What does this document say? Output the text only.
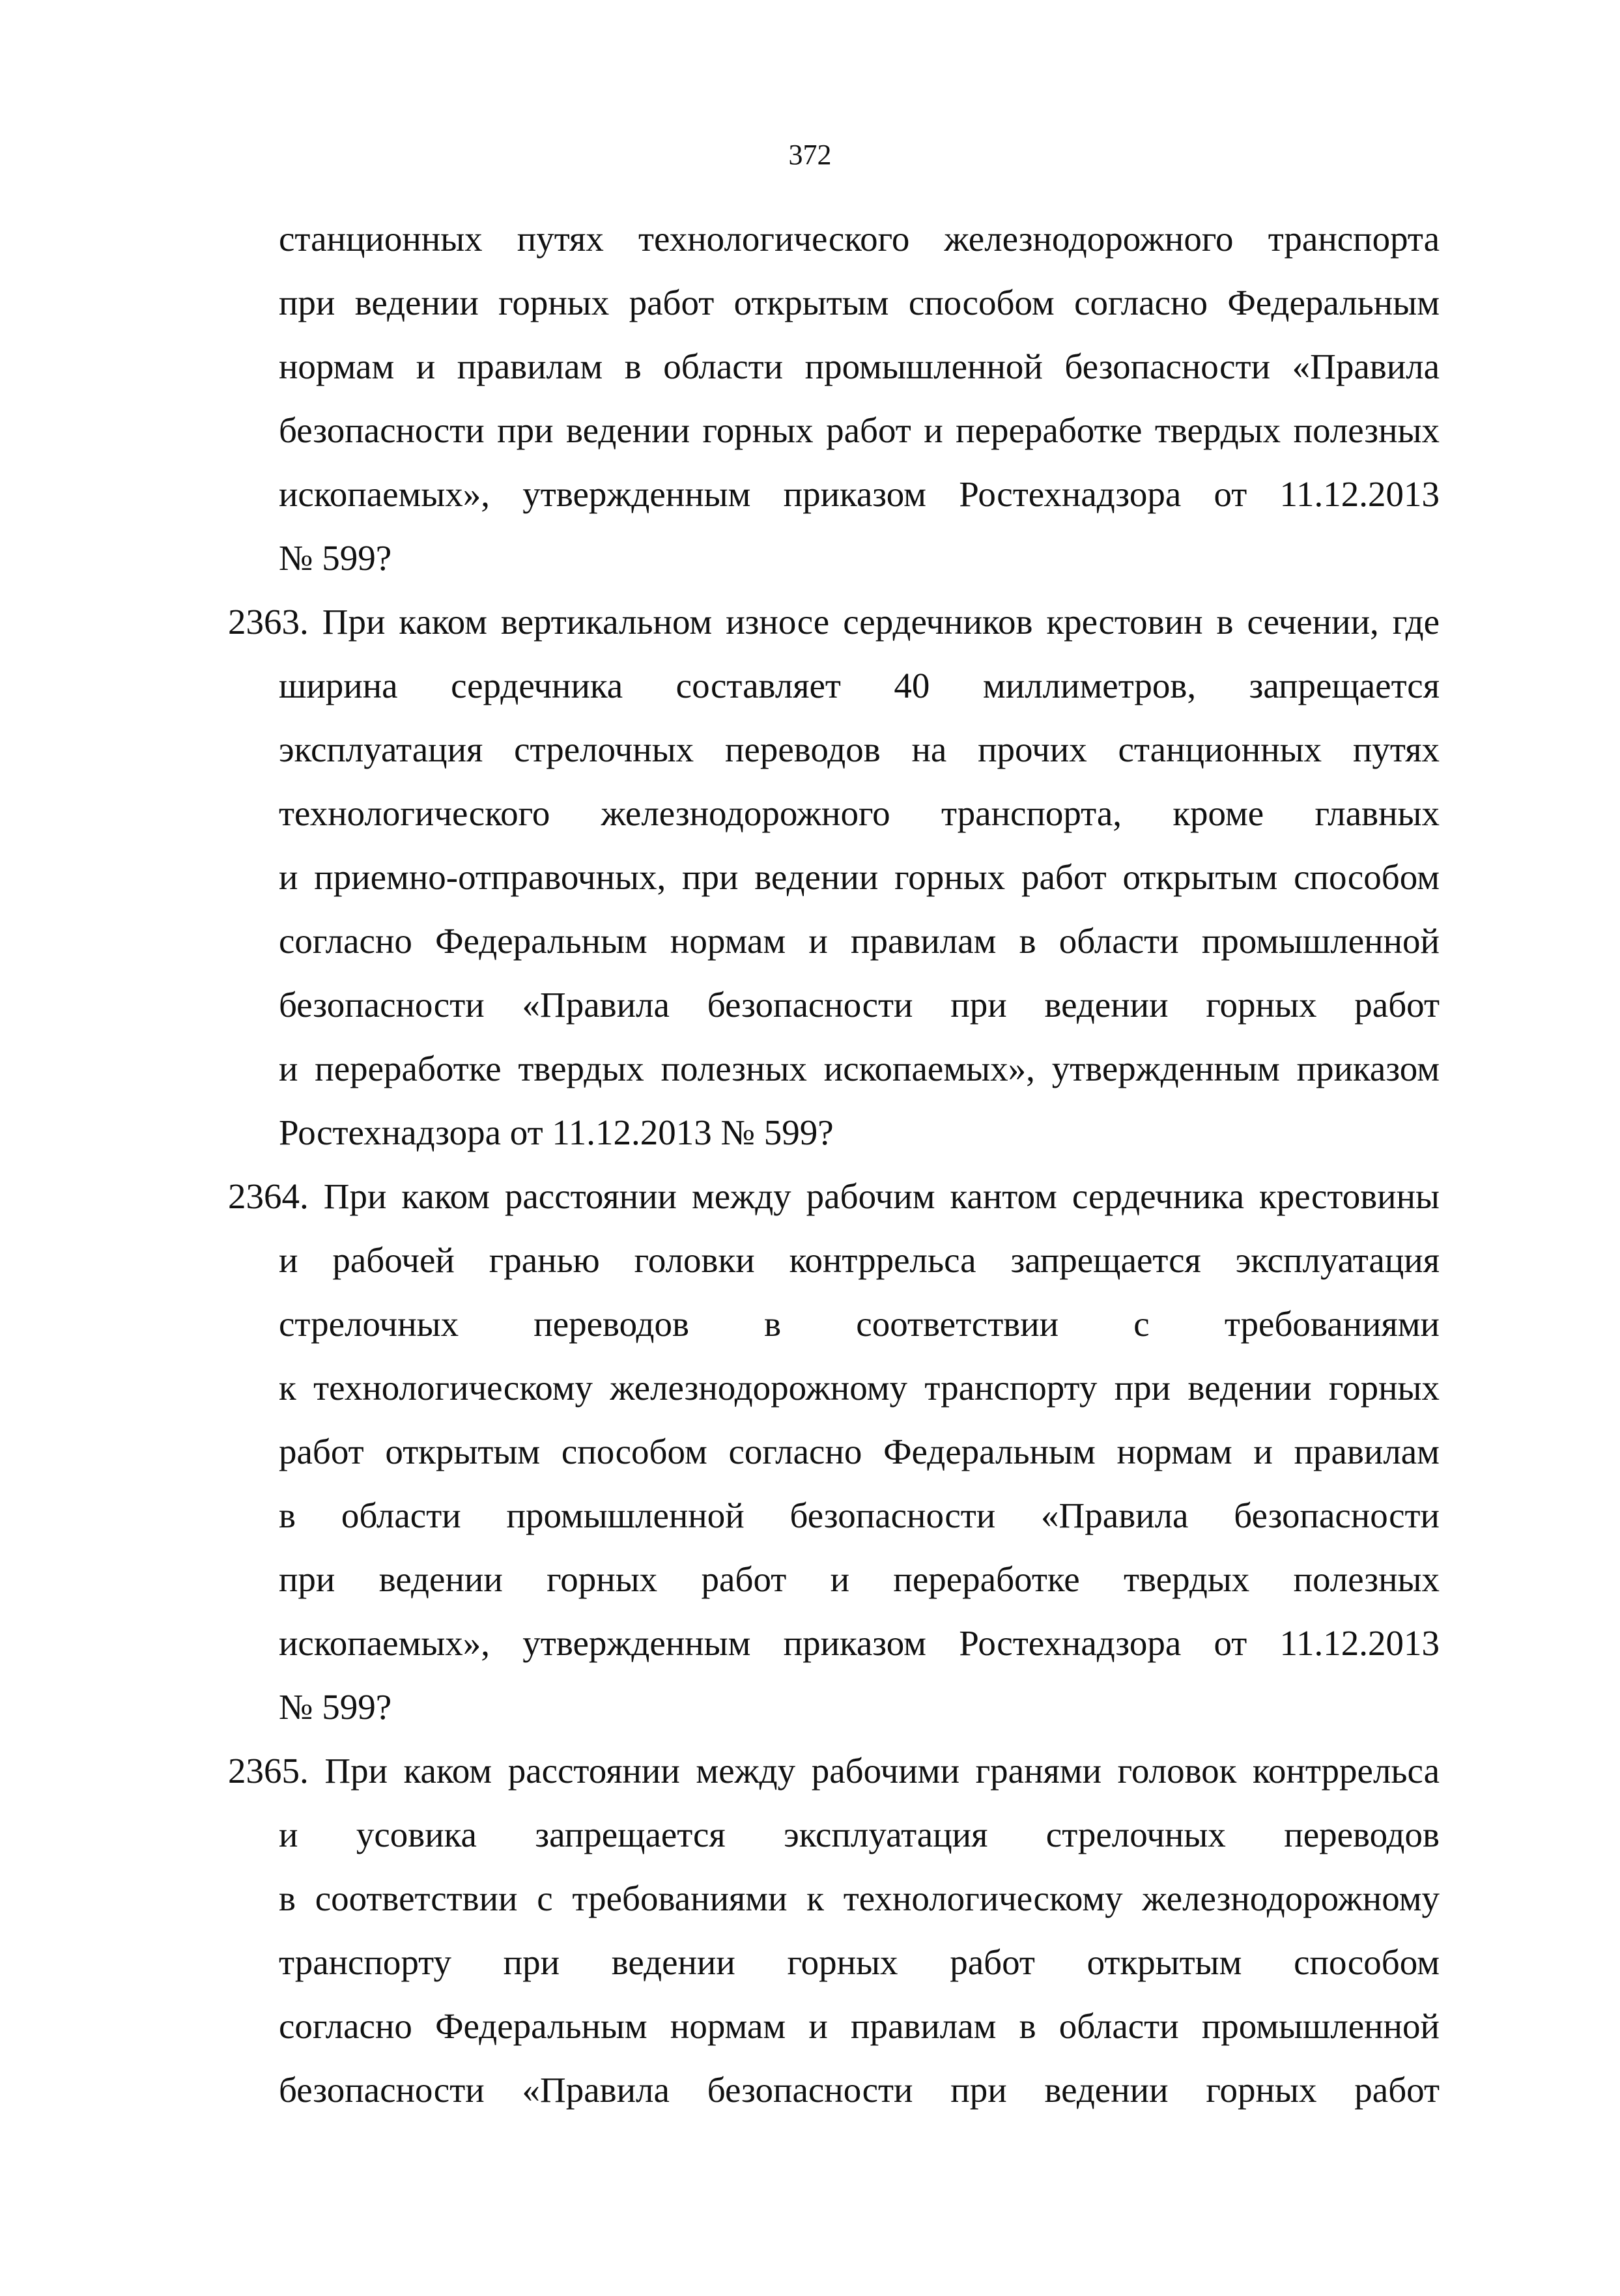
372
станционных путях технологического железнодорожного транспорта
при ведении горных работ открытым способом согласно Федеральным
нормам и правилам в области промышленной безопасности «Правила
безопасности при ведении горных работ и переработке твердых полезных
ископаемых», утвержденным приказом Ростехнадзора от 11.12.2013
№ 599?
2363. При каком вертикальном износе сердечников крестовин в сечении, где
ширина сердечника составляет 40 миллиметров, запрещается
эксплуатация стрелочных переводов на прочих станционных путях
технологического железнодорожного транспорта, кроме главных
и приемно-отправочных, при ведении горных работ открытым способом
согласно Федеральным нормам и правилам в области промышленной
безопасности «Правила безопасности при ведении горных работ
и переработке твердых полезных ископаемых», утвержденным приказом
Ростехнадзора от 11.12.2013 № 599?
2364. При каком расстоянии между рабочим кантом сердечника крестовины
и рабочей гранью головки контррельса запрещается эксплуатация
стрелочных переводов в соответствии с требованиями
к технологическому железнодорожному транспорту при ведении горных
работ открытым способом согласно Федеральным нормам и правилам
в области промышленной безопасности «Правила безопасности
при ведении горных работ и переработке твердых полезных
ископаемых», утвержденным приказом Ростехнадзора от 11.12.2013
№ 599?
2365. При каком расстоянии между рабочими гранями головок контррельса
и усовика запрещается эксплуатация стрелочных переводов
в соответствии с требованиями к технологическому железнодорожному
транспорту при ведении горных работ открытым способом
согласно Федеральным нормам и правилам в области промышленной
безопасности «Правила безопасности при ведении горных работ
